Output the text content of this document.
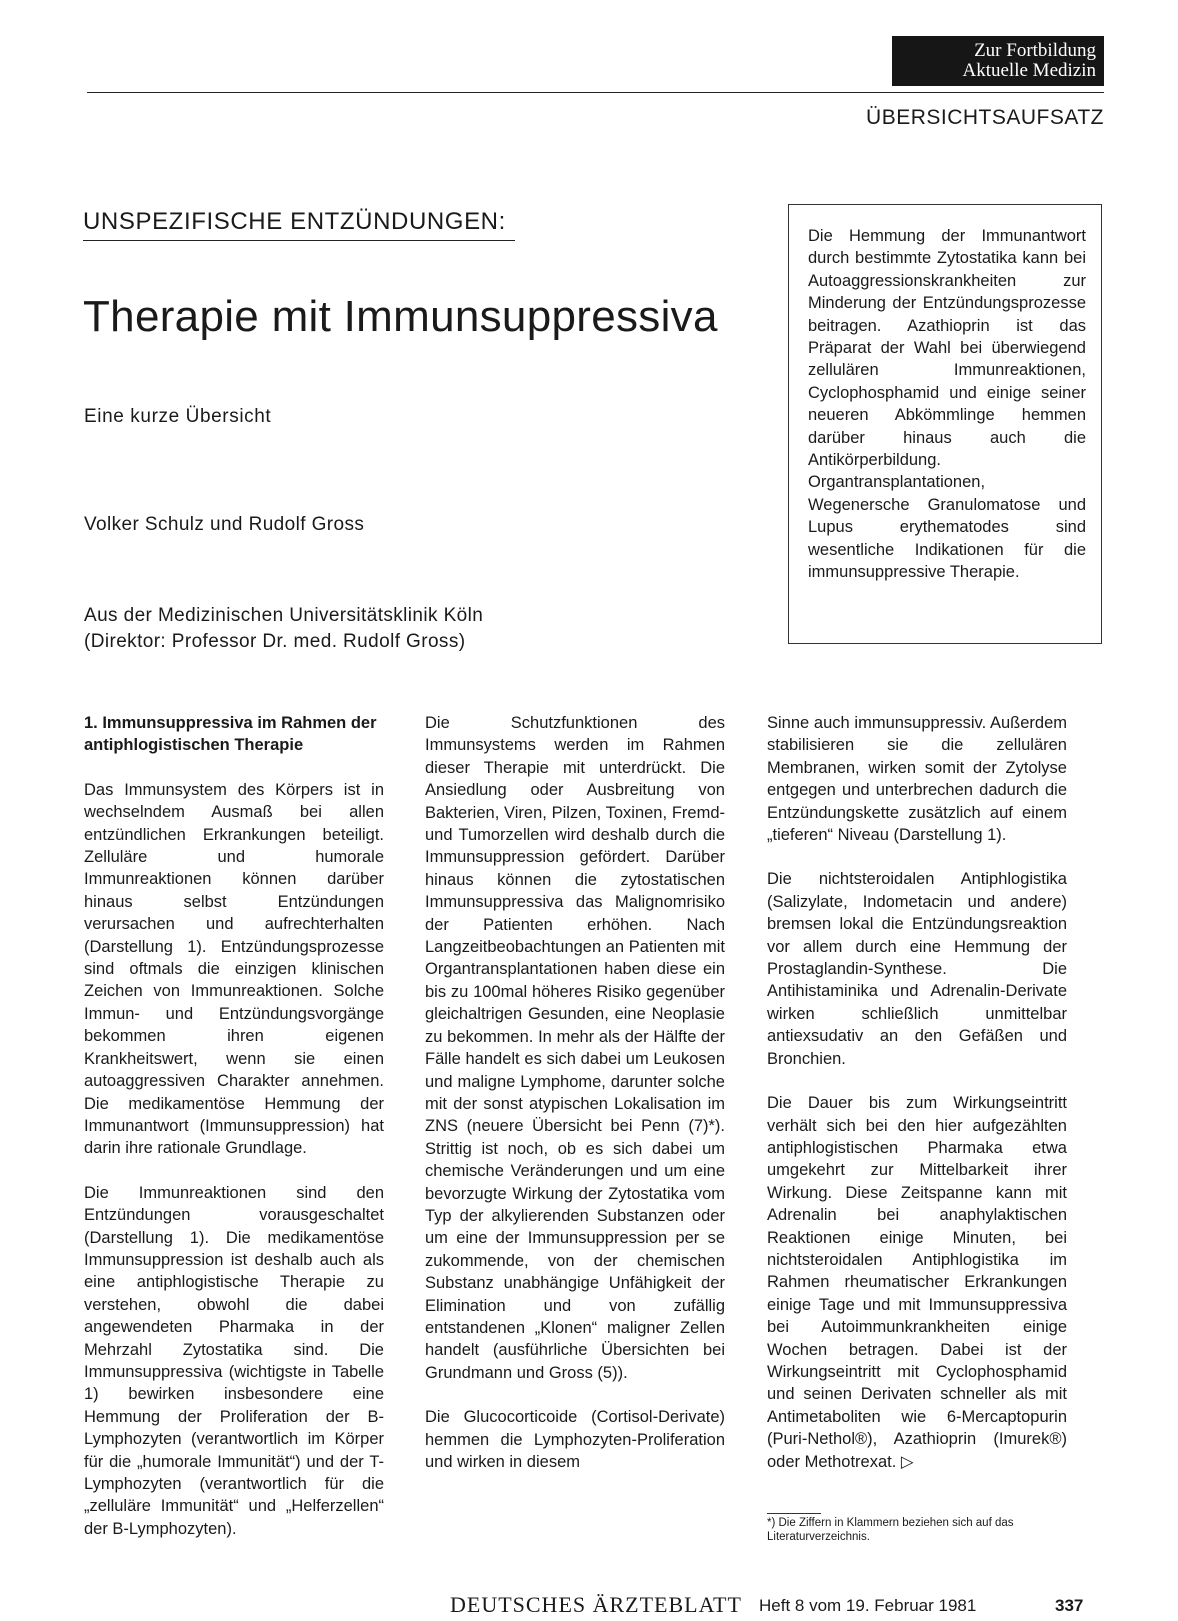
Zur Fortbildung
Aktuelle Medizin
ÜBERSICHTSAUFSATZ
UNSPEZIFISCHE ENTZÜNDUNGEN:
Therapie mit Immunsuppressiva
Eine kurze Übersicht
Volker Schulz und Rudolf Gross
Aus der Medizinischen Universitätsklinik Köln
(Direktor: Professor Dr. med. Rudolf Gross)

Die Hemmung der Immunantwort durch bestimmte Zytostatika kann bei Autoaggressionskrankheiten zur Minderung der Entzündungsprozesse beitragen. Azathioprin ist das Präparat der Wahl bei überwiegend zellulären Immunreaktionen, Cyclophosphamid und einige seiner neueren Abkömmlinge hemmen darüber hinaus auch die Antikörperbildung. Organtransplantationen, Wegenersche Granulomatose und Lupus erythematodes sind wesentliche Indikationen für die immunsuppressive Therapie.

1. Immunsuppressiva im Rahmen der antiphlogistischen Therapie

Das Immunsystem des Körpers ist in wechselndem Ausmaß bei allen entzündlichen Erkrankungen beteiligt. Zelluläre und humorale Immunreaktionen können darüber hinaus selbst Entzündungen verursachen und aufrechterhalten (Darstellung 1). Entzündungsprozesse sind oftmals die einzigen klinischen Zeichen von Immunreaktionen. Solche Immun- und Entzündungsvorgänge bekommen ihren eigenen Krankheitswert, wenn sie einen autoaggressiven Charakter annehmen. Die medikamentöse Hemmung der Immunantwort (Immunsuppression) hat darin ihre rationale Grundlage.

Die Immunreaktionen sind den Entzündungen vorausgeschaltet (Darstellung 1). Die medikamentöse Immunsuppression ist deshalb auch als eine antiphlogistische Therapie zu verstehen, obwohl die dabei angewendeten Pharmaka in der Mehrzahl Zytostatika sind. Die Immunsuppressiva (wichtigste in Tabelle 1) bewirken insbesondere eine Hemmung der Proliferation der B-Lymphozyten (verantwortlich im Körper für die „humorale Immunität“) und der T-Lymphozyten (verantwortlich für die „zelluläre Immunität“ und „Helferzellen“ der B-Lymphozyten).

Die Schutzfunktionen des Immunsystems werden im Rahmen dieser Therapie mit unterdrückt. Die Ansiedlung oder Ausbreitung von Bakterien, Viren, Pilzen, Toxinen, Fremd- und Tumorzellen wird deshalb durch die Immunsuppression gefördert. Darüber hinaus können die zytostatischen Immunsuppressiva das Malignomrisiko der Patienten erhöhen. Nach Langzeitbeobachtungen an Patienten mit Organtransplantationen haben diese ein bis zu 100mal höheres Risiko gegenüber gleichaltrigen Gesunden, eine Neoplasie zu bekommen. In mehr als der Hälfte der Fälle handelt es sich dabei um Leukosen und maligne Lymphome, darunter solche mit der sonst atypischen Lokalisation im ZNS (neuere Übersicht bei Penn (7)*). Strittig ist noch, ob es sich dabei um chemische Veränderungen und um eine bevorzugte Wirkung der Zytostatika vom Typ der alkylierenden Substanzen oder um eine der Immunsuppression per se zukommende, von der chemischen Substanz unabhängige Unfähigkeit der Elimination und von zufällig entstandenen „Klonen“ maligner Zellen handelt (ausführliche Übersichten bei Grundmann und Gross (5)).

Die Glucocorticoide (Cortisol-Derivate) hemmen die Lymphozyten-Proliferation und wirken in diesem

Sinne auch immunsuppressiv. Außerdem stabilisieren sie die zellulären Membranen, wirken somit der Zytolyse entgegen und unterbrechen dadurch die Entzündungskette zusätzlich auf einem „tieferen“ Niveau (Darstellung 1).

Die nichtsteroidalen Antiphlogistika (Salizylate, Indometacin und andere) bremsen lokal die Entzündungsreaktion vor allem durch eine Hemmung der Prostaglandin-Synthese. Die Antihistaminika und Adrenalin-Derivate wirken schließlich unmittelbar antiexsudativ an den Gefäßen und Bronchien.

Die Dauer bis zum Wirkungseintritt verhält sich bei den hier aufgezählten antiphlogistischen Pharmaka etwa umgekehrt zur Mittelbarkeit ihrer Wirkung. Diese Zeitspanne kann mit Adrenalin bei anaphylaktischen Reaktionen einige Minuten, bei nichtsteroidalen Antiphlogistika im Rahmen rheumatischer Erkrankungen einige Tage und mit Immunsuppressiva bei Autoimmunkrankheiten einige Wochen betragen. Dabei ist der Wirkungseintritt mit Cyclophosphamid und seinen Derivaten schneller als mit Antimetaboliten wie 6-Mercaptopurin (Puri-Nethol®), Azathioprin (Imurek®) oder Methotrexat. ▷

*) Die Ziffern in Klammern beziehen sich auf das Literaturverzeichnis.

DEUTSCHES ÄRZTEBLATT Heft 8 vom 19. Februar 1981	337
